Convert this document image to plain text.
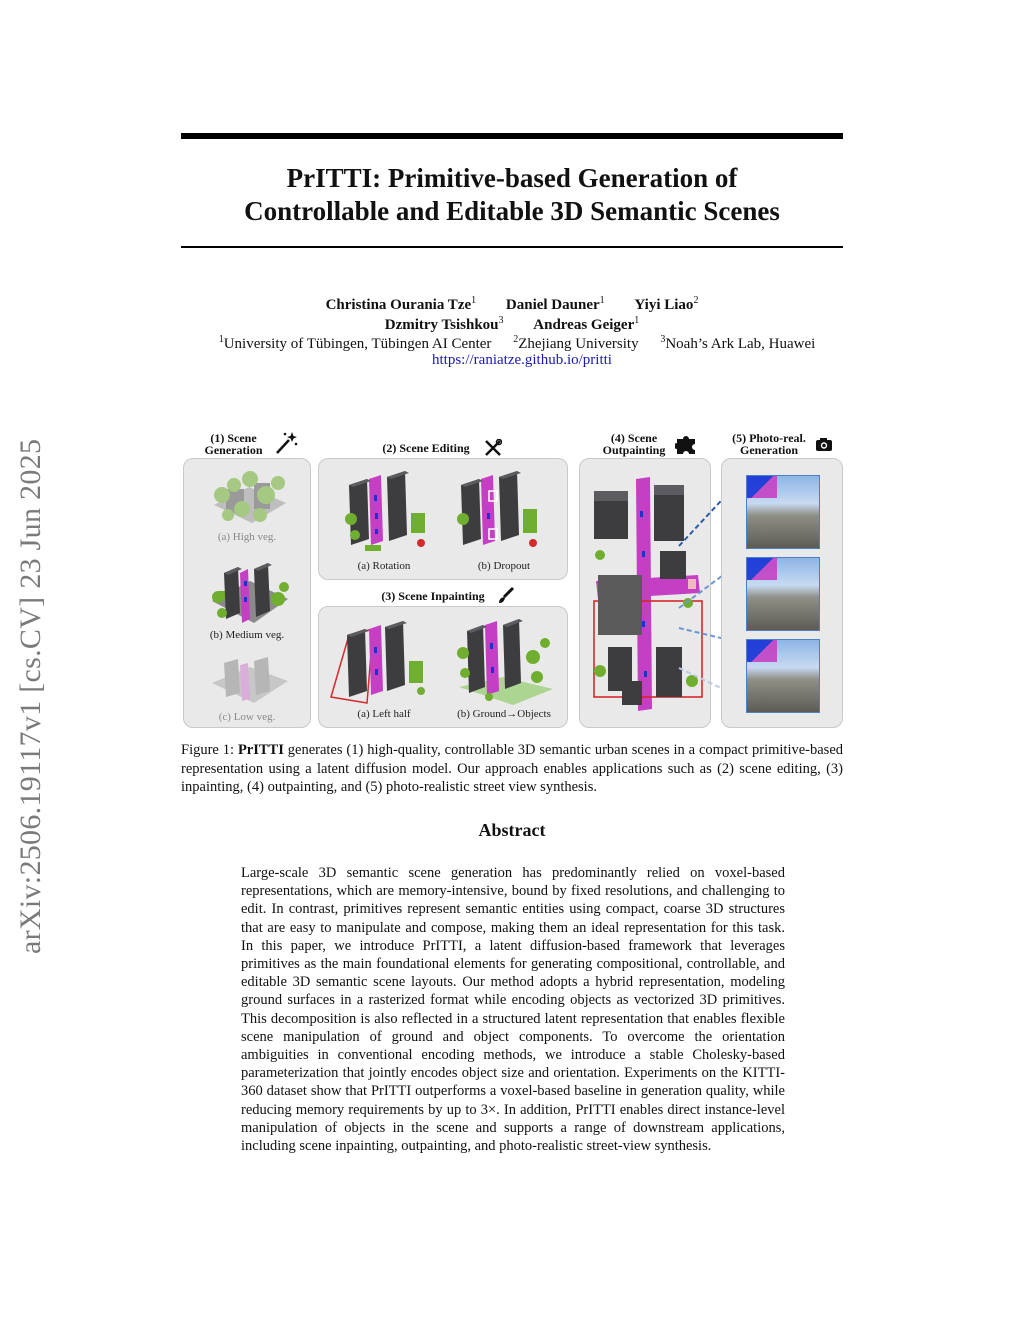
arXiv:2506.19117v1 [cs.CV] 23 Jun 2025
PrITTI: Primitive-based Generation of
Controllable and Editable 3D Semantic Scenes
Christina Ourania Tze$^1$ Daniel Dauner$^1$ Yiyi Liao$^2$
Dzmitry Tsishkou$^3$ Andreas Geiger$^1$
$^1$University of Tübingen, Tübingen AI Center $^2$Zhejiang University $^3$Noah’s Ark Lab, Huawei
https://raniatze.github.io/pritti
(1) Scene
Generation
(a) High veg.
(b) Medium veg.
(c) Low veg.
(2) Scene Editing
(a) Rotation	(b) Dropout
(3) Scene Inpainting
(a) Left half	(b) Ground→Objects
(4) Scene
Outpainting
(5) Photo-real.
Generation
Figure 1: PrITTI generates (1) high-quality, controllable 3D semantic urban scenes in a compact primitive-based representation using a latent diffusion model. Our approach enables applications such as (2) scene editing, (3) inpainting, (4) outpainting, and (5) photo-realistic street view synthesis.
Abstract
Large-scale 3D semantic scene generation has predominantly relied on voxel-based representations, which are memory-intensive, bound by fixed resolutions, and challenging to edit. In contrast, primitives represent semantic entities using compact, coarse 3D structures that are easy to manipulate and compose, making them an ideal representation for this task. In this paper, we introduce PrITTI, a latent diffusion-based framework that leverages primitives as the main foundational elements for generating compositional, controllable, and editable 3D semantic scene layouts. Our method adopts a hybrid representation, modeling ground surfaces in a rasterized format while encoding objects as vectorized 3D primitives. This decomposition is also reflected in a structured latent representation that enables flexible scene manipulation of ground and object components. To overcome the orientation ambiguities in conventional encoding methods, we introduce a stable Cholesky-based parameterization that jointly encodes object size and orientation. Experiments on the KITTI-360 dataset show that PrITTI outperforms a voxel-based baseline in generation quality, while reducing memory requirements by up to 3×. In addition, PrITTI enables direct instance-level manipulation of objects in the scene and supports a range of downstream applications, including scene inpainting, outpainting, and photo-realistic street-view synthesis.
